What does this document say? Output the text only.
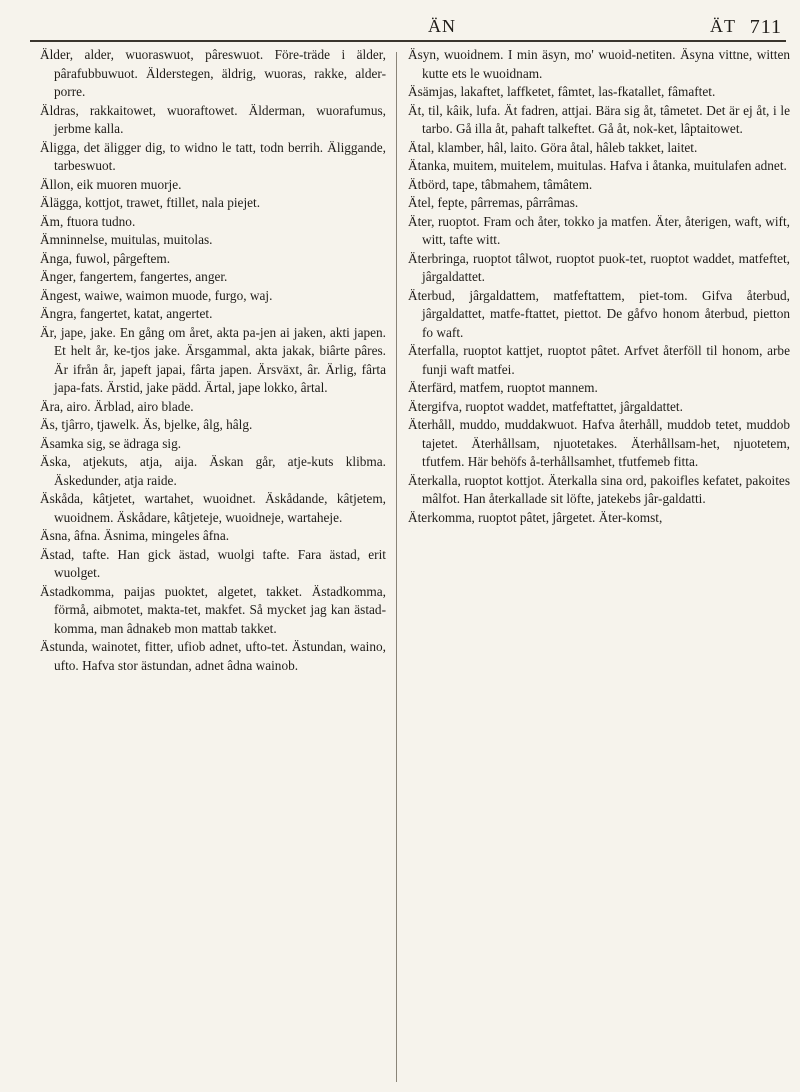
ÄN	ÄT 711

Älder, alder, wuoraswuot, pâreswuot. Före-träde i älder, pârafubbuwuot. Älderstegen, äldrig, wuoras, rakke, alder-porre.

Äldras, rakkaitowet, wuoraftowet. Älderman, wuorafumus, jerbme kalla.

Äligga, det äligger dig, to widno le tatt, todn berrih. Äliggande, tarbeswuot.

Ällon, eik muoren muorje.

Älägga, kottjot, trawet, ftillet, nala piejet.

Äm, ftuora tudno.

Ämninnelse, muitulas, muitolas.

Änga, fuwol, pârgeftem.

Änger, fangertem, fangertes, anger.

Ängest, waiwe, waimon muode, furgo, waj.

Ängra, fangertet, katat, angertet.

Är, jape, jake. En gång om året, akta pa-jen ai jaken, akti japen. Et helt år, ke-tjos jake. Ärsgammal, akta jakak, biârte pâres. Är ifrån år, japeft japai, fârta japen. Ärsväxt, âr. Ärlig, fârta japa-fats. Ärstid, jake pädd. Ärtal, jape lokko, ârtal.

Ära, airo. Ärblad, airo blade.

Äs, tjârro, tjawelk. Äs, bjelke, âlg, hâlg.

Äsamka sig, se ädraga sig.

Äska, atjekuts, atja, aija. Äskan går, atje-kuts klibma. Äskedunder, atja raide.

Äskåda, kâtjetet, wartahet, wuoidnet. Äskådande, kâtjetem, wuoidnem. Äskådare, kâtjeteje, wuoidneje, wartaheje.

Äsna, âfna. Äsnima, mingeles âfna.

Ästad, tafte. Han gick ästad, wuolgi tafte. Fara ästad, erit wuolget.

Ästadkomma, paijas puoktet, algetet, takket. Ästadkomma, förmå, aibmotet, makta-tet, makfet. Så mycket jag kan ästad-komma, man âdnakeb mon mattab takket.

Ästunda, wainotet, fitter, ufiob adnet, ufto-tet. Ästundan, waino, ufto. Hafva stor ästundan, adnet âdna wainob.

Äsyn, wuoidnem. I min äsyn, mo' wuoid-netiten. Äsyna vittne, witten kutte ets le wuoidnam.

Äsämjas, lakaftet, laffketet, fâmtet, las-fkatallet, fâmaftet.

Ät, til, kâik, lufa. Ät fadren, attjai. Bära sig åt, tâmetet. Det är ej åt, i le tarbo. Gå illa åt, pahaft talkeftet. Gå åt, nok-ket, lâptaitowet.

Ätal, klamber, hâl, laito. Göra åtal, hâleb takket, laitet.

Ätanka, muitem, muitelem, muitulas. Hafva i åtanka, muitulafen adnet.

Ätbörd, tape, tâbmahem, tâmâtem.

Ätel, fepte, pârremas, pârrâmas.

Äter, ruoptot. Fram och åter, tokko ja matfen. Äter, återigen, waft, wift, witt, tafte witt.

Äterbringa, ruoptot tâlwot, ruoptot puok-tet, ruoptot waddet, matfeftet, jârgaldattet.

Äterbud, jârgaldattem, matfeftattem, piet-tom. Gifva återbud, jârgaldattet, matfe-ftattet, piettot. De gåfvo honom återbud, pietton fo waft.

Äterfalla, ruoptot kattjet, ruoptot pâtet. Arfvet återföll til honom, arbe funji waft matfei.

Äterfärd, matfem, ruoptot mannem.

Ätergifva, ruoptot waddet, matfeftattet, jârgaldattet.

Äterhåll, muddo, muddakwuot. Hafva återhåll, muddob tetet, muddob tajetet. Äterhållsam, njuotetakes. Äterhållsam-het, njuotetem, tfutfem. Här behöfs å-terhållsamhet, tfutfemeb fitta.

Äterkalla, ruoptot kottjot. Äterkalla sina ord, pakoifles kefatet, pakoites mâlfot. Han återkallade sit löfte, jatekebs jâr-galdatti.

Äterkomma, ruoptot pâtet, jârgetet. Äter-komst,
